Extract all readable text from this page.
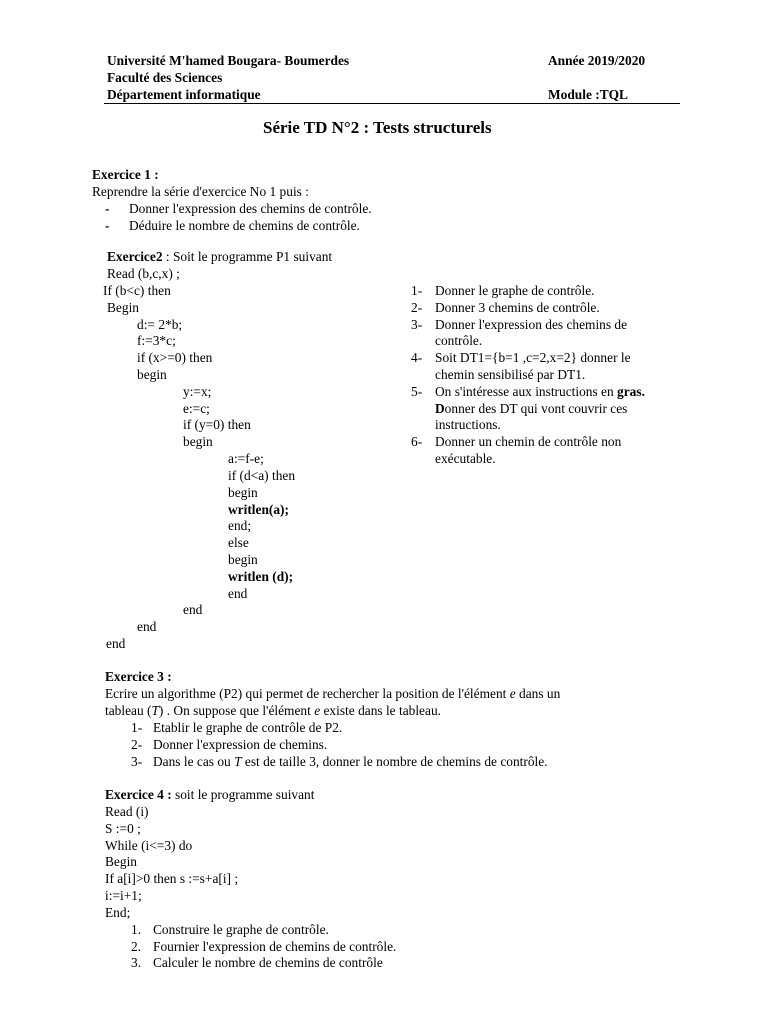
Université M'hamed Bougara- Boumerdes
Faculté des Sciences
Département informatique
Année 2019/2020
Module :TQL
Série TD N°2 : Tests structurels
Exercice 1 :
Reprendre la série d'exercice No 1 puis :
- Donner l'expression des chemins de contrôle.
- Déduire le nombre de chemins de contrôle.
Exercice2 : Soit le programme P1 suivant
Read (b,c,x) ;
If (b<c) then
Begin
d:= 2*b;
f:=3*c;
if (x>=0) then
begin
y:=x;
e:=c;
if (y=0) then
begin
a:=f-e;
if (d<a) then
begin
writlen(a);
end;
else
begin
writlen (d);
end
end
end
end
1- Donner le graphe de contrôle.
2- Donner 3 chemins de contrôle.
3- Donner l'expression des chemins de
contrôle.
4- Soit DT1={b=1 ,c=2,x=2} donner le
chemin sensibilisé par DT1.
5- On s'intéresse aux instructions en gras.
Donner des DT qui vont couvrir ces
instructions.
6- Donner un chemin de contrôle non
exécutable.
Exercice 3 :
Ecrire un algorithme (P2) qui permet de rechercher la position de l'élément e dans un
tableau (T) . On suppose que l'élément e existe dans le tableau.
1- Etablir le graphe de contrôle de P2.
2- Donner l'expression de chemins.
3- Dans le cas ou T est de taille 3, donner le nombre de chemins de contrôle.
Exercice 4 : soit le programme suivant
Read (i)
S :=0 ;
While (i<=3) do
Begin
If a[i]>0 then s :=s+a[i] ;
i:=i+1;
End;
1. Construire le graphe de contrôle.
2. Fournier l'expression de chemins de contrôle.
3. Calculer le nombre de chemins de contrôle
